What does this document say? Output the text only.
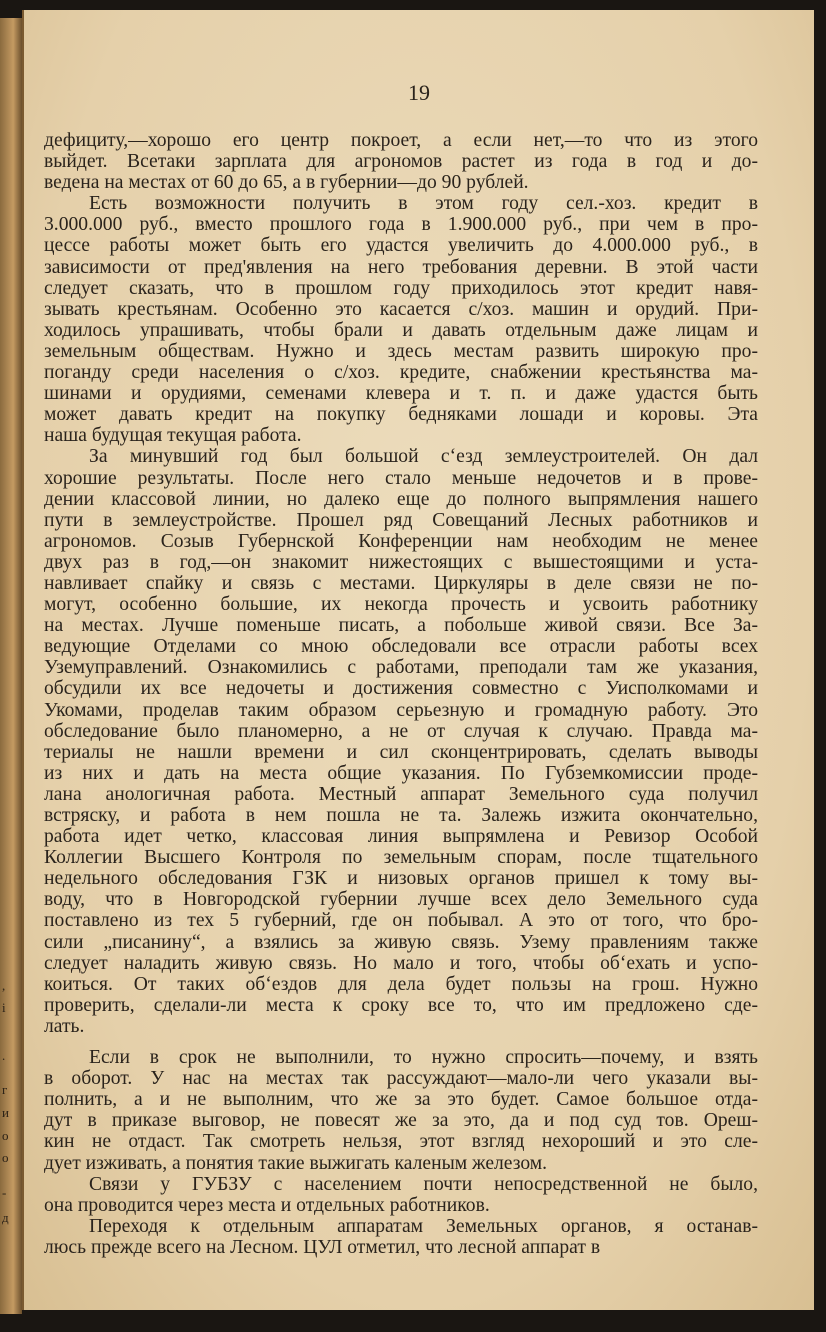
,
і
.
г
и
о
о
-
д
19
дефициту,—хорошо его центр покроет, а если нет,—то что из этого
выйдет. Всетаки зарплата для агрономов растет из года в год и до-
ведена на местах от 60 до 65, а в губернии—до 90 рублей.
Есть возможности получить в этом году сел.-хоз. кредит в
3.000.000 руб., вместо прошлого года в 1.900.000 руб., при чем в про-
цессе работы может быть его удастся увеличить до 4.000.000 руб., в
зависимости от пред'явления на него требования деревни. В этой части
следует сказать, что в прошлом году приходилось этот кредит навя-
зывать крестьянам. Особенно это касается с/хоз. машин и орудий. При-
ходилось упрашивать, чтобы брали и давать отдельным даже лицам и
земельным обществам. Нужно и здесь местам развить широкую про-
поганду среди населения о с/хоз. кредите, снабжении крестьянства ма-
шинами и орудиями, семенами клевера и т. п. и даже удастся быть
может давать кредит на покупку бедняками лошади и коровы. Эта
наша будущая текущая работа.
За минувший год был большой с‘езд землеустроителей. Он дал
хорошие результаты. После него стало меньше недочетов и в прове-
дении классовой линии, но далеко еще до полного выпрямления нашего
пути в землеустройстве. Прошел ряд Совещаний Лесных работников и
агрономов. Созыв Губернской Конференции нам необходим не менее
двух раз в год,—он знакомит нижестоящих с вышестоящими и уста-
навливает спайку и связь с местами. Циркуляры в деле связи не по-
могут, особенно большие, их некогда прочесть и усвоить работнику
на местах. Лучше поменьше писать, а побольше живой связи. Все За-
ведующие Отделами со мною обследовали все отрасли работы всех
Уземуправлений. Ознакомились с работами, преподали там же указания,
обсудили их все недочеты и достижения совместно с Уисполкомами и
Укомами, проделав таким образом серьезную и громадную работу. Это
обследование было планомерно, а не от случая к случаю. Правда ма-
териалы не нашли времени и сил сконцентрировать, сделать выводы
из них и дать на места общие указания. По Губземкомиссии проде-
лана анологичная работа. Местный аппарат Земельного суда получил
встряску, и работа в нем пошла не та. Залежь изжита окончательно,
работа идет четко, классовая линия выпрямлена и Ревизор Особой
Коллегии Высшего Контроля по земельным спорам, после тщательного
недельного обследования ГЗК и низовых органов пришел к тому вы-
воду, что в Новгородской губернии лучше всех дело Земельного суда
поставлено из тех 5 губерний, где он побывал. А это от того, что бро-
сили „писанину“, а взялись за живую связь. Узему правлениям также
следует наладить живую связь. Но мало и того, чтобы об‘ехать и успо-
коиться. От таких об‘ездов для дела будет пользы на грош. Нужно
проверить, сделали-ли места к сроку все то, что им предложено сде-
лать.
Если в срок не выполнили, то нужно спросить—почему, и взять
в оборот. У нас на местах так рассуждают—мало-ли чего указали вы-
полнить, а и не выполним, что же за это будет. Самое большое отда-
дут в приказе выговор, не повесят же за это, да и под суд тов. Ореш-
кин не отдаст. Так смотреть нельзя, этот взгляд нехороший и это сле-
дует изживать, а понятия такие выжигать каленым железом.
Связи у ГУБЗУ с населением почти непосредственной не было,
она проводится через места и отдельных работников.
Переходя к отдельным аппаратам Земельных органов, я останав-
люсь прежде всего на Лесном. ЦУЛ отметил, что лесной аппарат в
